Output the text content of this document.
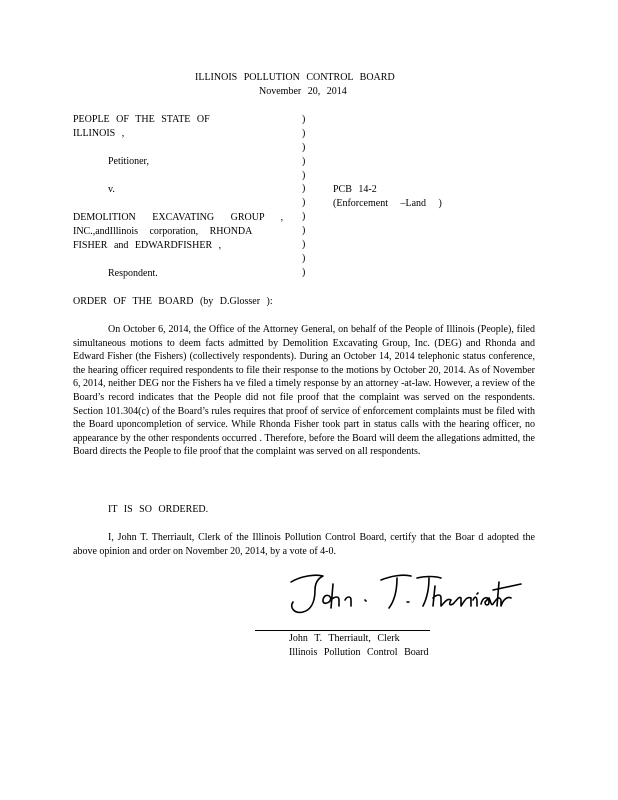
ILLINOIS POLLUTION CONTROL BOARD
November 20, 2014
PEOPLE OF THE STATE OF
ILLINOIS ,
Petitioner,
v.
DEMOLITION EXCAVATING GROUP ,
INC.,andIllinois corporation, RHONDA
FISHER and EDWARDFISHER ,
Respondent.
)
)
)
)
)
)
)
)
)
)
)
)
PCB 14-2
(Enforcement –Land )
ORDER OF THE BOARD (by D.Glosser ):
On October 6, 2014, the Office of the Attorney General, on behalf of the People of Illinois (People), filed simultaneous motions to deem facts admitted by Demolition Excavating Group, Inc. (DEG) and Rhonda and Edward Fisher (the Fishers) (collectively respondents). During an October 14, 2014 telephonic status conference, the hearing officer required respondents to file their response to the motions by October 20, 2014. As of November 6, 2014, neither DEG nor the Fishers ha ve filed a timely response by an attorney -at-law. However, a review of the Board’s record indicates that the People did not file proof that the complaint was served on the respondents. Section 101.304(c) of the Board’s rules requires that proof of service of enforcement complaints must be filed with the Board uponcompletion of service. While Rhonda Fisher took part in status calls with the hearing officer, no appearance by the other respondents occurred . Therefore, before the Board will deem the allegations admitted, the Board directs the People to file proof that the complaint was served on all respondents.
IT IS SO ORDERED.
I, John T. Therriault, Clerk of the Illinois Pollution Control Board, certify that the Boar d adopted the above opinion and order on November 20, 2014, by a vote of 4-0.
John T. Therriault, Clerk
Illinois Pollution Control Board
